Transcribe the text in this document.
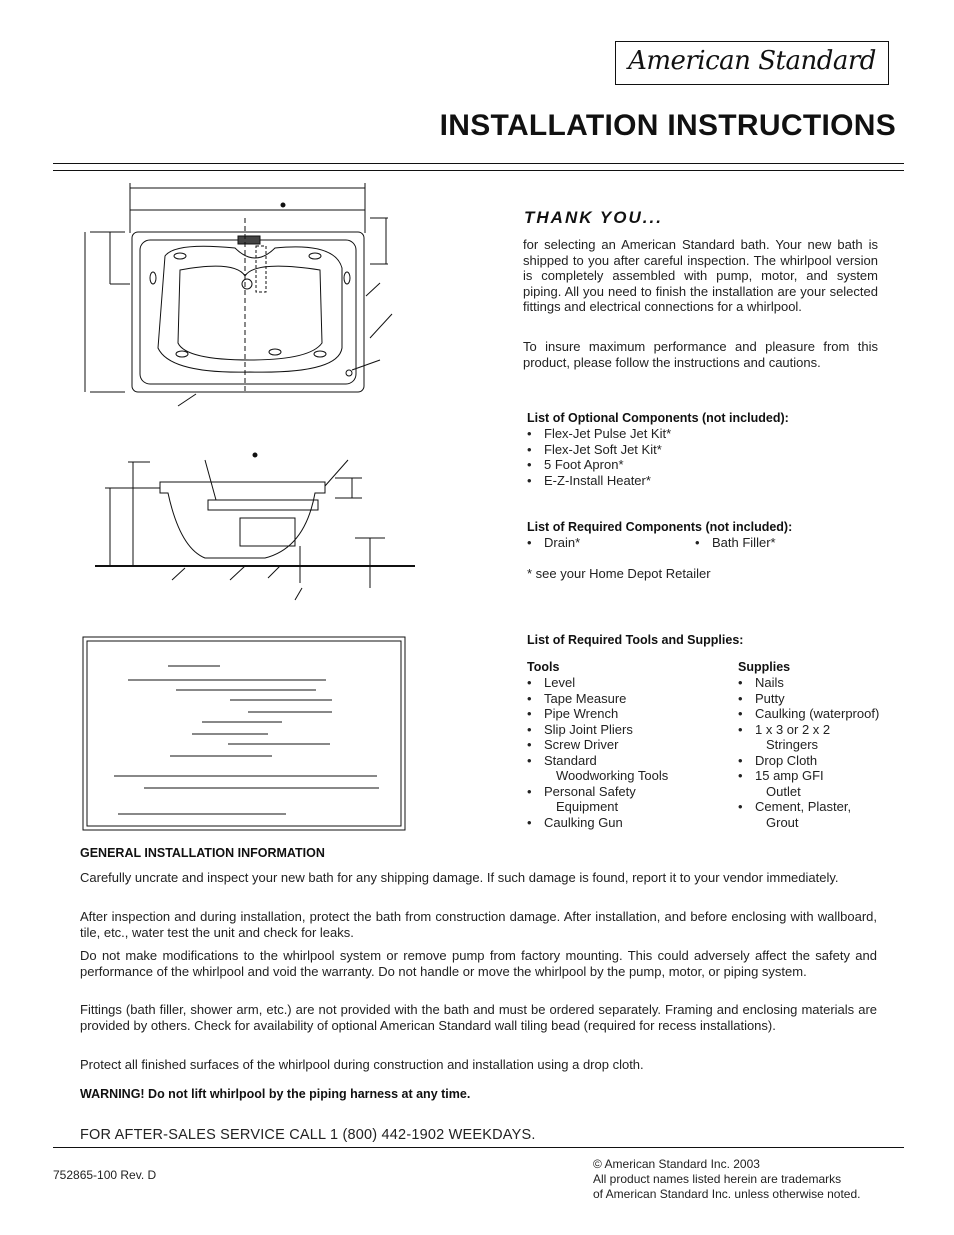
American Standard
INSTALLATION INSTRUCTIONS
THANK YOU...
for selecting an American Standard bath. Your new bath is shipped to you after careful inspection. The whirlpool version is completely assembled with pump, motor, and system piping. All you need to finish the installation are your selected fittings and electrical connections for a whirlpool.
To insure maximum performance and pleasure from this product, please follow the instructions and cautions.
List of Optional Components (not included):
• Flex-Jet Pulse Jet Kit*
• Flex-Jet Soft Jet Kit*
• 5 Foot Apron*
• E-Z-Install Heater*
List of Required Components (not included):
• Drain*	• Bath Filler*
* see your Home Depot Retailer
List of Required Tools and Supplies:
Tools
• Level
• Tape Measure
• Pipe Wrench
• Slip Joint Pliers
• Screw Driver
• Standard
Woodworking Tools
• Personal Safety
Equipment
• Caulking Gun
Supplies
• Nails
• Putty
• Caulking (waterproof)
• 1 x 3 or 2 x 2
Stringers
• Drop Cloth
• 15 amp GFI
Outlet
• Cement, Plaster,
Grout
GENERAL INSTALLATION INFORMATION
Carefully uncrate and inspect your new bath for any shipping damage. If such damage is found, report it to your vendor immediately.
After inspection and during installation, protect the bath from construction damage. After installation, and before enclosing with wallboard, tile, etc., water test the unit and check for leaks.
Do not make modifications to the whirlpool system or remove pump from factory mounting. This could adversely affect the safety and performance of the whirlpool and void the warranty. Do not handle or move the whirlpool by the pump, motor, or piping system.
Fittings (bath filler, shower arm, etc.) are not provided with the bath and must be ordered separately. Framing and enclosing materials are provided by others. Check for availability of optional American Standard wall tiling bead (required for recess installations).
Protect all finished surfaces of the whirlpool during construction and installation using a drop cloth.
WARNING! Do not lift whirlpool by the piping harness at any time.
FOR AFTER-SALES SERVICE CALL 1 (800) 442-1902 WEEKDAYS.
752865-100 Rev. D
© American Standard Inc. 2003
All product names listed herein are trademarks
of American Standard Inc. unless otherwise noted.
